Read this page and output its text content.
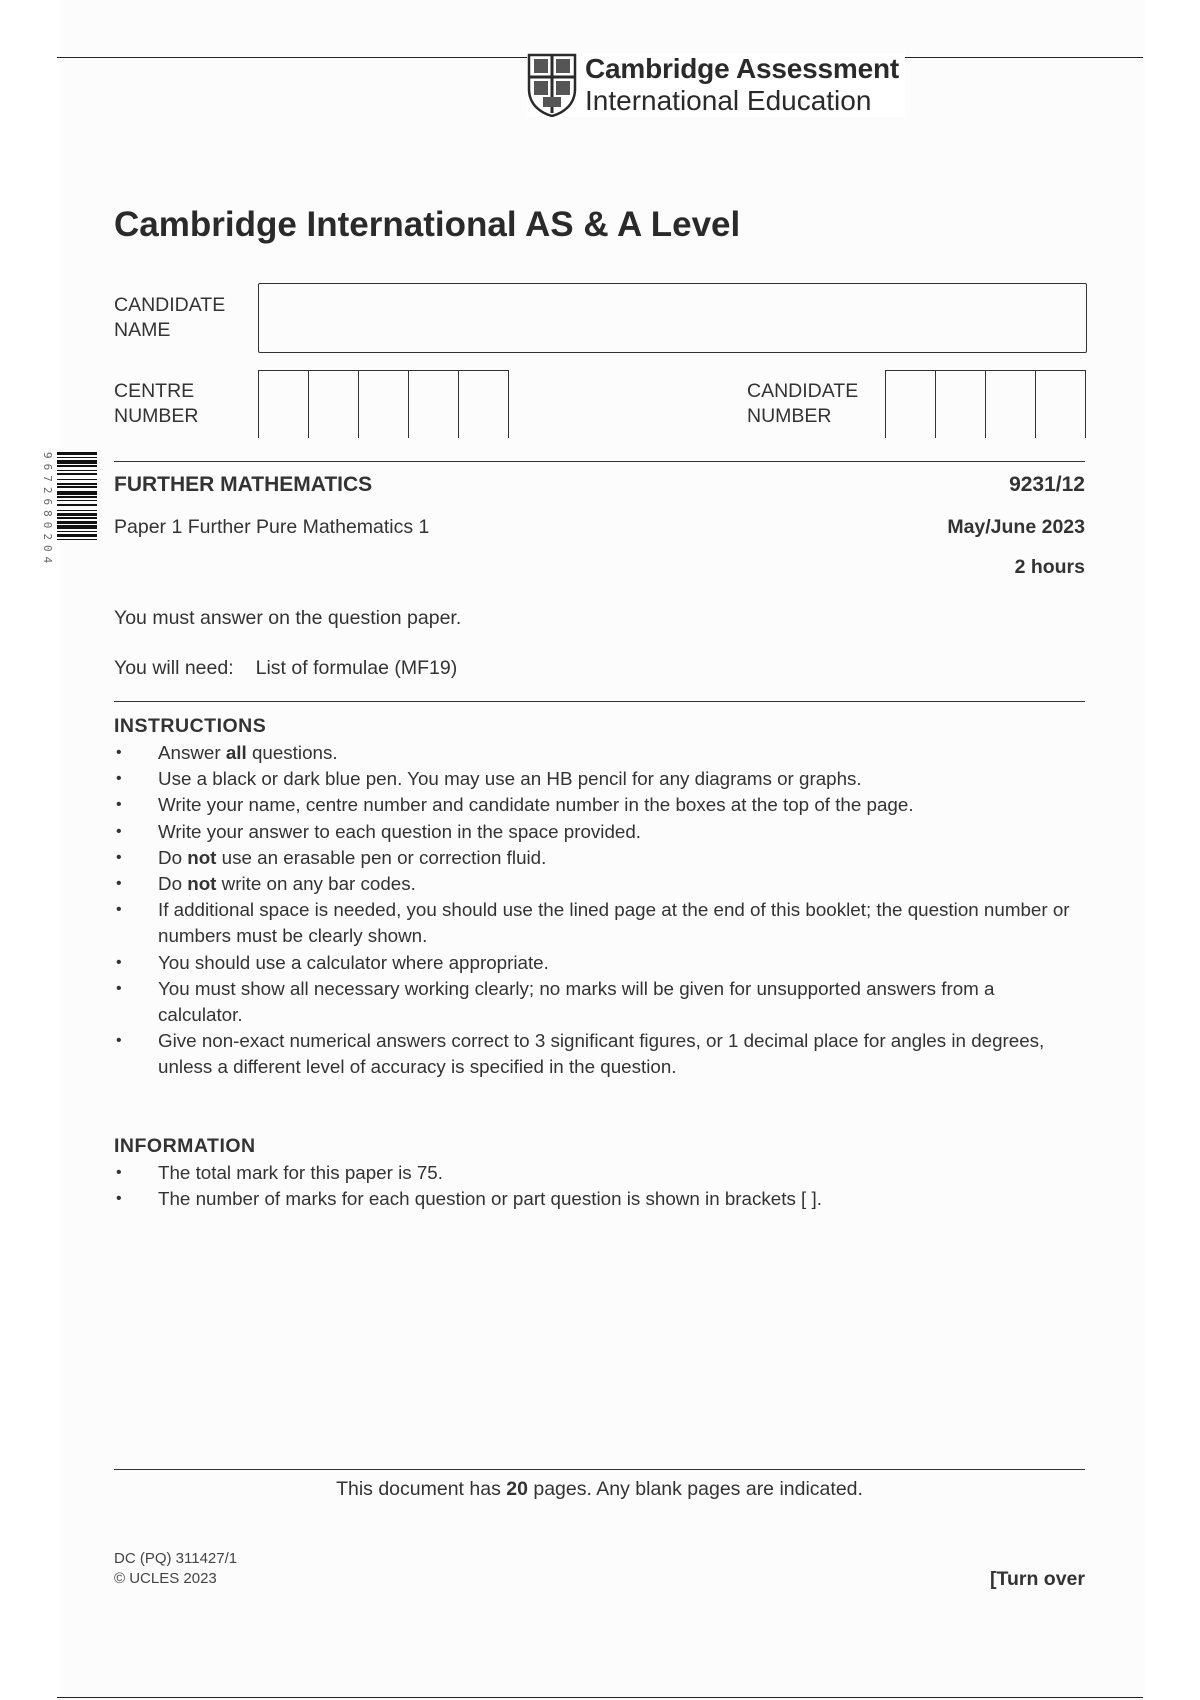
Cambridge Assessment
International Education
Cambridge International AS & A Level
CANDIDATE
NAME
CENTRE
NUMBER
CANDIDATE
NUMBER
9672680204	FURTHER MATHEMATICS	9231/12
Paper 1 Further Pure Mathematics 1	May/June 2023
2 hours
You must answer on the question paper.
You will need: List of formulae (MF19)
INSTRUCTIONS
• Answer all questions.
• Use a black or dark blue pen. You may use an HB pencil for any diagrams or graphs.
• Write your name, centre number and candidate number in the boxes at the top of the page.
• Write your answer to each question in the space provided.
• Do not use an erasable pen or correction fluid.
• Do not write on any bar codes.
• If additional space is needed, you should use the lined page at the end of this booklet; the question number or numbers must be clearly shown.
• You should use a calculator where appropriate.
• You must show all necessary working clearly; no marks will be given for unsupported answers from a calculator.
• Give non-exact numerical answers correct to 3 significant figures, or 1 decimal place for angles in degrees, unless a different level of accuracy is specified in the question.
INFORMATION
• The total mark for this paper is 75.
• The number of marks for each question or part question is shown in brackets [ ].
This document has 20 pages. Any blank pages are indicated.
DC (PQ) 311427/1
© UCLES 2023	[Turn over
